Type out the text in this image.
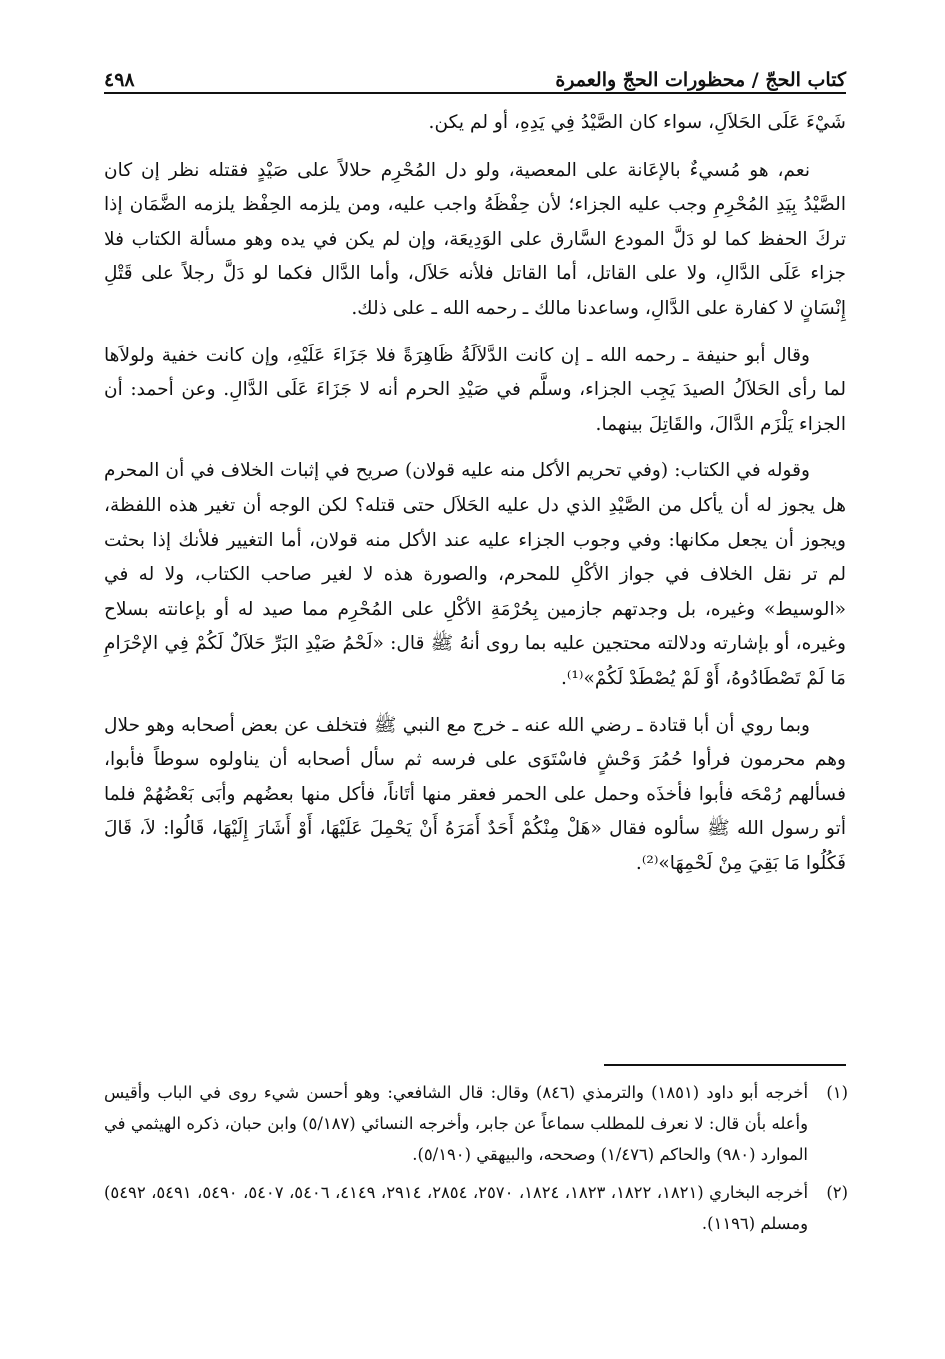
كتاب الحجّ / محظورات الحجّ والعمرة
٤٩٨

شَيْءَ عَلَى الحَلاَلِ، سواء كان الصَّيْدُ فِي يَدِهِ، أو لم يكن.

نعم، هو مُسيءٌ بالإعَانة على المعصية، ولو دل المُحْرِم حلالاً على صَيْدٍ فقتله نظر إن كان الصَّيْدُ بِيَدِ المُحْرِمِ وجب عليه الجزاء؛ لأن حِفْظَهُ واجب عليه، ومن يلزمه الحِفْظ يلزمه الضَّمَان إذا تركَ الحفظ كما لو دَلَّ المودع السَّارق على الوَدِيعَة، وإن لم يكن في يده وهو مسألة الكتاب فلا جزاء عَلَى الدَّالِ، ولا على القاتل، أما القاتل فلأنه حَلاَل، وأما الدَّال فكما لو دَلَّ رجلاً على قَتْلِ إِنْسَانٍ لا كفارة على الدَّالِ، وساعدنا مالك ـ رحمه الله ـ على ذلك.

وقال أبو حنيفة ـ رحمه الله ـ إن كانت الدَّلاَلَةُ ظَاهِرَةً فلا جَزَاءَ عَلَيْهِ، وإن كانت خفية ولولاَها لما رأى الحَلاَلُ الصيدَ يَجِب الجزاء، وسلَّم في صَيْدِ الحرم أنه لا جَزَاءَ عَلَى الدَّالِ. وعن أحمد: أن الجزاء يَلْزَم الدَّالَ، والقَاتِلَ بينهما.

وقوله في الكتاب: (وفي تحريم الأكل منه عليه قولان) صريح في إثبات الخلاف في أن المحرم هل يجوز له أن يأكل من الصَّيْدِ الذي دل عليه الحَلاَل حتى قتله؟ لكن الوجه أن تغير هذه اللفظة، ويجوز أن يجعل مكانها: وفي وجوب الجزاء عليه عند الأكل منه قولان، أما التغيير فلأنك إذا بحثت لم تر نقل الخلاف في جواز الأكْلِ للمحرم، والصورة هذه لا لغير صاحب الكتاب، ولا له في «الوسيط» وغيره، بل وجدتهم جازمين بِحُرْمَةِ الأكْلِ على المُحْرِم مما صيد له أو بإعانته بسلاح وغيره، أو بإشارته ودلالته محتجين عليه بما روى أنهُ ﷺ قال: «لَحْمُ صَيْدِ البَرِّ حَلاَلٌ لَكُمْ فِي الإحْرَامِ مَا لَمْ تَصْطَادُوهُ، أَوْ لَمْ يُصْطَدْ لَكُمْ»⁽¹⁾.

وبما روي أن أبا قتادة ـ رضي الله عنه ـ خرج مع النبي ﷺ فتخلف عن بعض أصحابه وهو حلال وهم محرمون فرأوا حُمُرَ وَحْشٍ فاسْتَوَى على فرسه ثم سأل أصحابه أن يناولوه سوطاً فأبوا، فسألهم رُمْحَه فأبوا فأخذَه وحمل على الحمر فعقر منها أتَاناً، فأكل منها بعضُهم وأبَى بَعْضُهُمْ فلما أتو رسول الله ﷺ سألوه فقال «هَلْ مِنْكُمْ أَحَدٌ أَمَرَهُ أَنْ يَحْمِلَ عَلَيْهَا، أَوْ أَشَارَ إِلَيْهَا، قَالُوا: لاَ، قَالَ فَكُلُوا مَا بَقِيَ مِنْ لَحْمِهَا»⁽²⁾.

(١)
أخرجه أبو داود (١٨٥١) والترمذي (٨٤٦) وقال: قال الشافعي: وهو أحسن شيء روى في الباب وأقيس وأعله بأن قال: لا نعرف للمطلب سماعاً عن جابر، وأخرجه النسائي (٥/١٨٧) وابن حبان، ذكره الهيثمي في الموارد (٩٨٠) والحاكم (١/٤٧٦) وصححه، والبيهقي (٥/١٩٠).
(٢)
أخرجه البخاري (١٨٢١، ١٨٢٢، ١٨٢٣، ١٨٢٤، ٢٥٧٠، ٢٨٥٤، ٢٩١٤، ٤١٤٩، ٥٤٠٦، ٥٤٠٧، ٥٤٩٠، ٥٤٩١، ٥٤٩٢) ومسلم (١١٩٦).
